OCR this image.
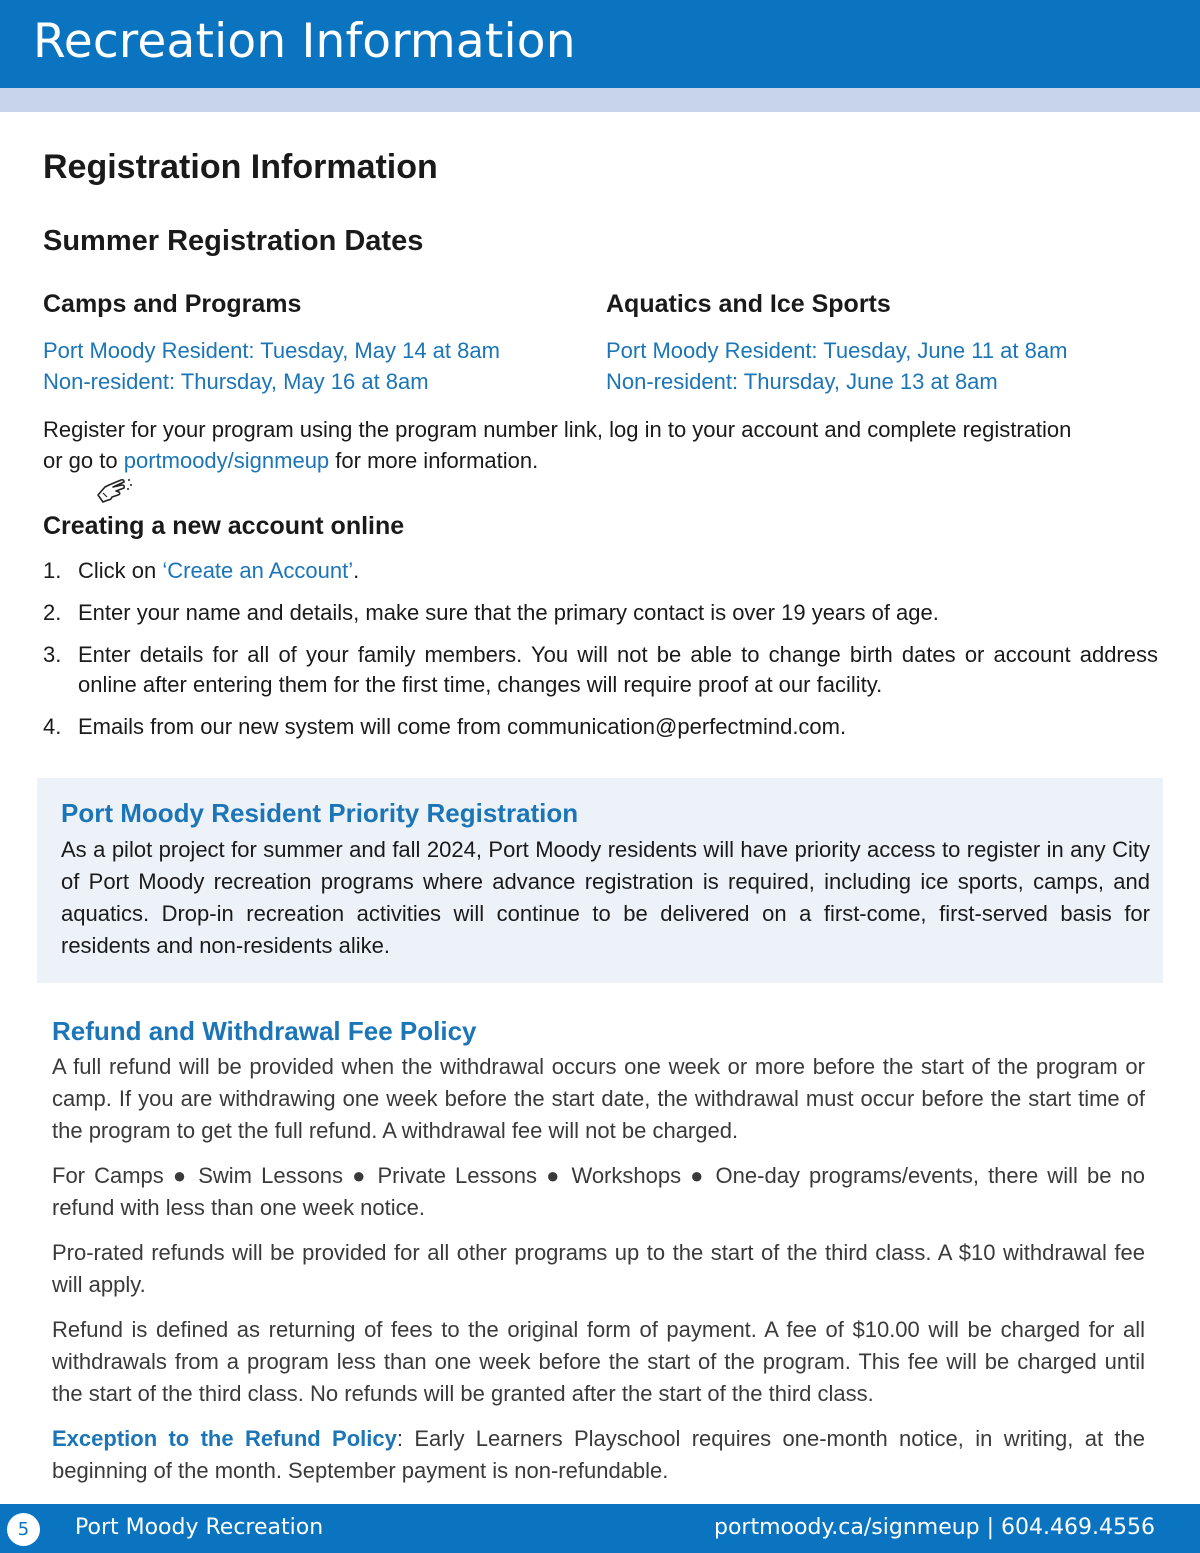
Recreation Information
Registration Information
Summer Registration Dates
Camps and Programs
Port Moody Resident: Tuesday, May 14 at 8am
Non-resident: Thursday, May 16 at 8am
Aquatics and Ice Sports
Port Moody Resident: Tuesday, June 11 at 8am
Non-resident: Thursday, June 13 at 8am
Register for your program using the program number link, log in to your account and complete registration
or go to portmoody/signmeup for more information.
Creating a new account online
1. Click on ‘Create an Account’.
2. Enter your name and details, make sure that the primary contact is over 19 years of age.
3. Enter details for all of your family members. You will not be able to change birth dates or account address online after entering them for the first time, changes will require proof at our facility.
4. Emails from our new system will come from communication@perfectmind.com.
Port Moody Resident Priority Registration
As a pilot project for summer and fall 2024, Port Moody residents will have priority access to register in any City of Port Moody recreation programs where advance registration is required, including ice sports, camps, and aquatics. Drop-in recreation activities will continue to be delivered on a first-come, first-served basis for residents and non-residents alike.
Refund and Withdrawal Fee Policy

A full refund will be provided when the withdrawal occurs one week or more before the start of the program or camp. If you are withdrawing one week before the start date, the withdrawal must occur before the start time of the program to get the full refund. A withdrawal fee will not be charged.

For Camps ● Swim Lessons ● Private Lessons ● Workshops ● One-day programs/events, there will be no refund with less than one week notice.

Pro-rated refunds will be provided for all other programs up to the start of the third class. A $10 withdrawal fee will apply.

Refund is defined as returning of fees to the original form of payment. A fee of $10.00 will be charged for all withdrawals from a program less than one week before the start of the program. This fee will be charged until the start of the third class. No refunds will be granted after the start of the third class.

Exception to the Refund Policy: Early Learners Playschool requires one-month notice, in writing, at the beginning of the month. September payment is non-refundable.

5	Port Moody Recreation	portmoody.ca/signmeup | 604.469.4556
